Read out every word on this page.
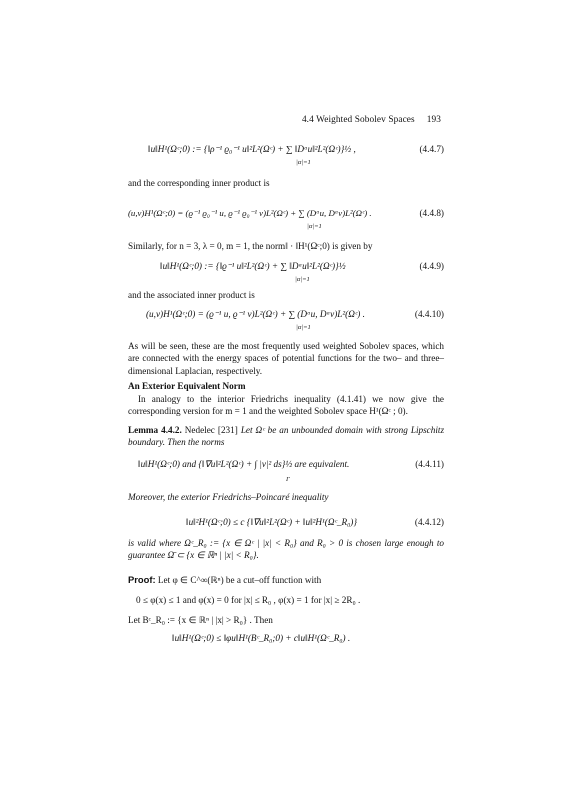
4.4 Weighted Sobolev Spaces 193
‖u‖H¹(Ωᶜ;0) := {‖ρ⁻¹ ϱ₀⁻¹ u‖²L²(Ωᶜ) + ∑ ‖Dᵅu‖²L²(Ωᶜ)}½ ,	(4.4.7)
|α|=1
and the corresponding inner product is
(u,v)H¹(Ωᶜ;0) = (ϱ⁻¹ ϱ₀⁻¹ u, ϱ⁻¹ ϱ₀⁻¹ v)L²(Ωᶜ) + ∑ (Dᵅu, Dᵅv)L²(Ωᶜ) .	(4.4.8)
|α|=1
Similarly, for n = 3, λ = 0, m = 1, the norm‖ · ‖H¹(Ωᶜ;0) is given by
‖u‖H¹(Ωᶜ;0) := {‖ϱ⁻¹ u‖²L²(Ωᶜ) + ∑ ‖Dᵅu‖²L²(Ωᶜ)}½	(4.4.9)
|α|=1
and the associated inner product is
(u,v)H¹(Ωᶜ;0) = (ϱ⁻¹ u, ϱ⁻¹ v)L²(Ωᶜ) + ∑ (Dᵅu, Dᵅv)L²(Ωᶜ) .	(4.4.10)
|α|=1
As will be seen, these are the most frequently used weighted Sobolev spaces, which are connected with the energy spaces of potential functions for the two– and three–dimensional Laplacian, respectively.
An Exterior Equivalent Norm
In analogy to the interior Friedrichs inequality (4.1.41) we now give the corresponding version for m = 1 and the weighted Sobolev space H¹(Ωᶜ ; 0).
Lemma 4.4.2. Nedelec [231] Let Ωᶜ be an unbounded domain with strong Lipschitz boundary. Then the norms
‖u‖H¹(Ωᶜ;0) and {‖∇u‖²L²(Ωᶜ) + ∫ |v|² ds}½ are equivalent.	(4.4.11)
Γ
Moreover, the exterior Friedrichs–Poincaré inequality
‖u‖²H¹(Ωᶜ;0) ≤ c {‖∇u‖²L²(Ωᶜ) + ‖u‖²H¹(Ωᶜ_R₀)}	(4.4.12)
is valid where Ωᶜ_R₀ := {x ∈ Ωᶜ | |x| < R₀} and R₀ > 0 is chosen large enough to guarantee Ω̄ ⊂ {x ∈ ℝⁿ | |x| < R₀}.
Proof: Let φ ∈ C^∞(ℝⁿ) be a cut–off function with
0 ≤ φ(x) ≤ 1 and φ(x) = 0 for |x| ≤ R₀ , φ(x) = 1 for |x| ≥ 2R₀ .
Let Bᶜ_R₀ := {x ∈ ℝⁿ | |x| > R₀} . Then
‖u‖H¹(Ωᶜ;0) ≤ ‖φu‖H¹(Bᶜ_R₀;0) + c‖u‖H¹(Ωᶜ_R₀) .
